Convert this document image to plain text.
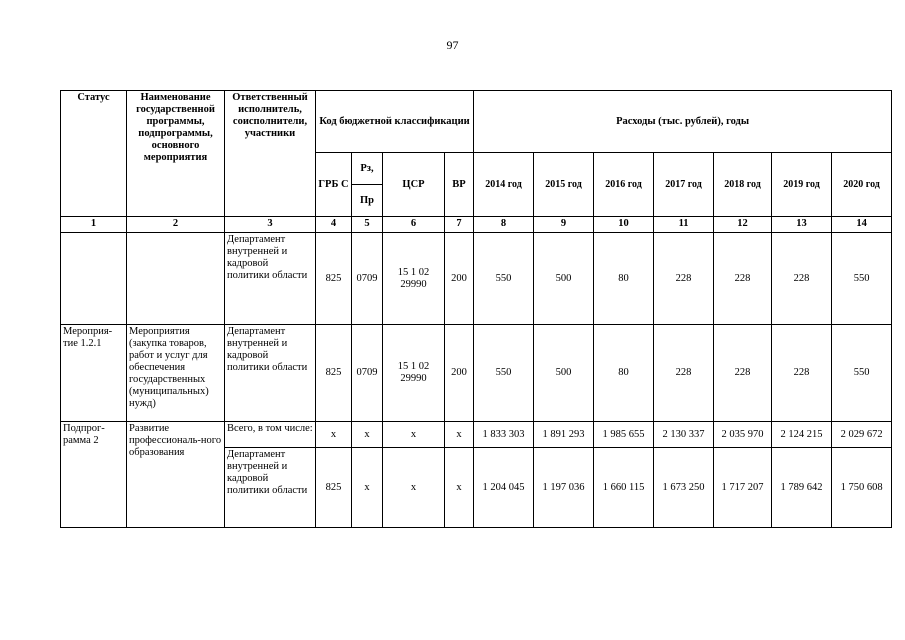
97
Статус	Наименование государственной программы, подпрограммы, основного мероприятия	Ответственный исполнитель, соисполнители, участники	Код бюджетной классификации				Расходы (тыс. рублей), годы						
			ГРБ С	Рз,	ЦСР	ВР	2014 год	2015 год	2016 год	2017 год	2018 год	2019 год	2020 год
				Пр									
1	2	3	4	5	6	7	8	9	10	11	12	13	14
		Департамент внутренней и кадровой политики области	825	0709	15 1 02 29990	200	550	500	80	228	228	228	550
Мероприя-тие 1.2.1	Мероприятия (закупка товаров, работ и услуг для обеспечения государственных (муниципальных) нужд)	Департамент внутренней и кадровой политики области	825	0709	15 1 02 29990	200	550	500	80	228	228	228	550
Подпрог-рамма 2	Развитие профессиональ-ного образования	Всего, в том числе:	х	х	х	х	1 833 303	1 891 293	1 985 655	2 130 337	2 035 970	2 124 215	2 029 672
		Департамент внутренней и кадровой политики области	825	х	х	х	1 204 045	1 197 036	1 660 115	1 673 250	1 717 207	1 789 642	1 750 608
